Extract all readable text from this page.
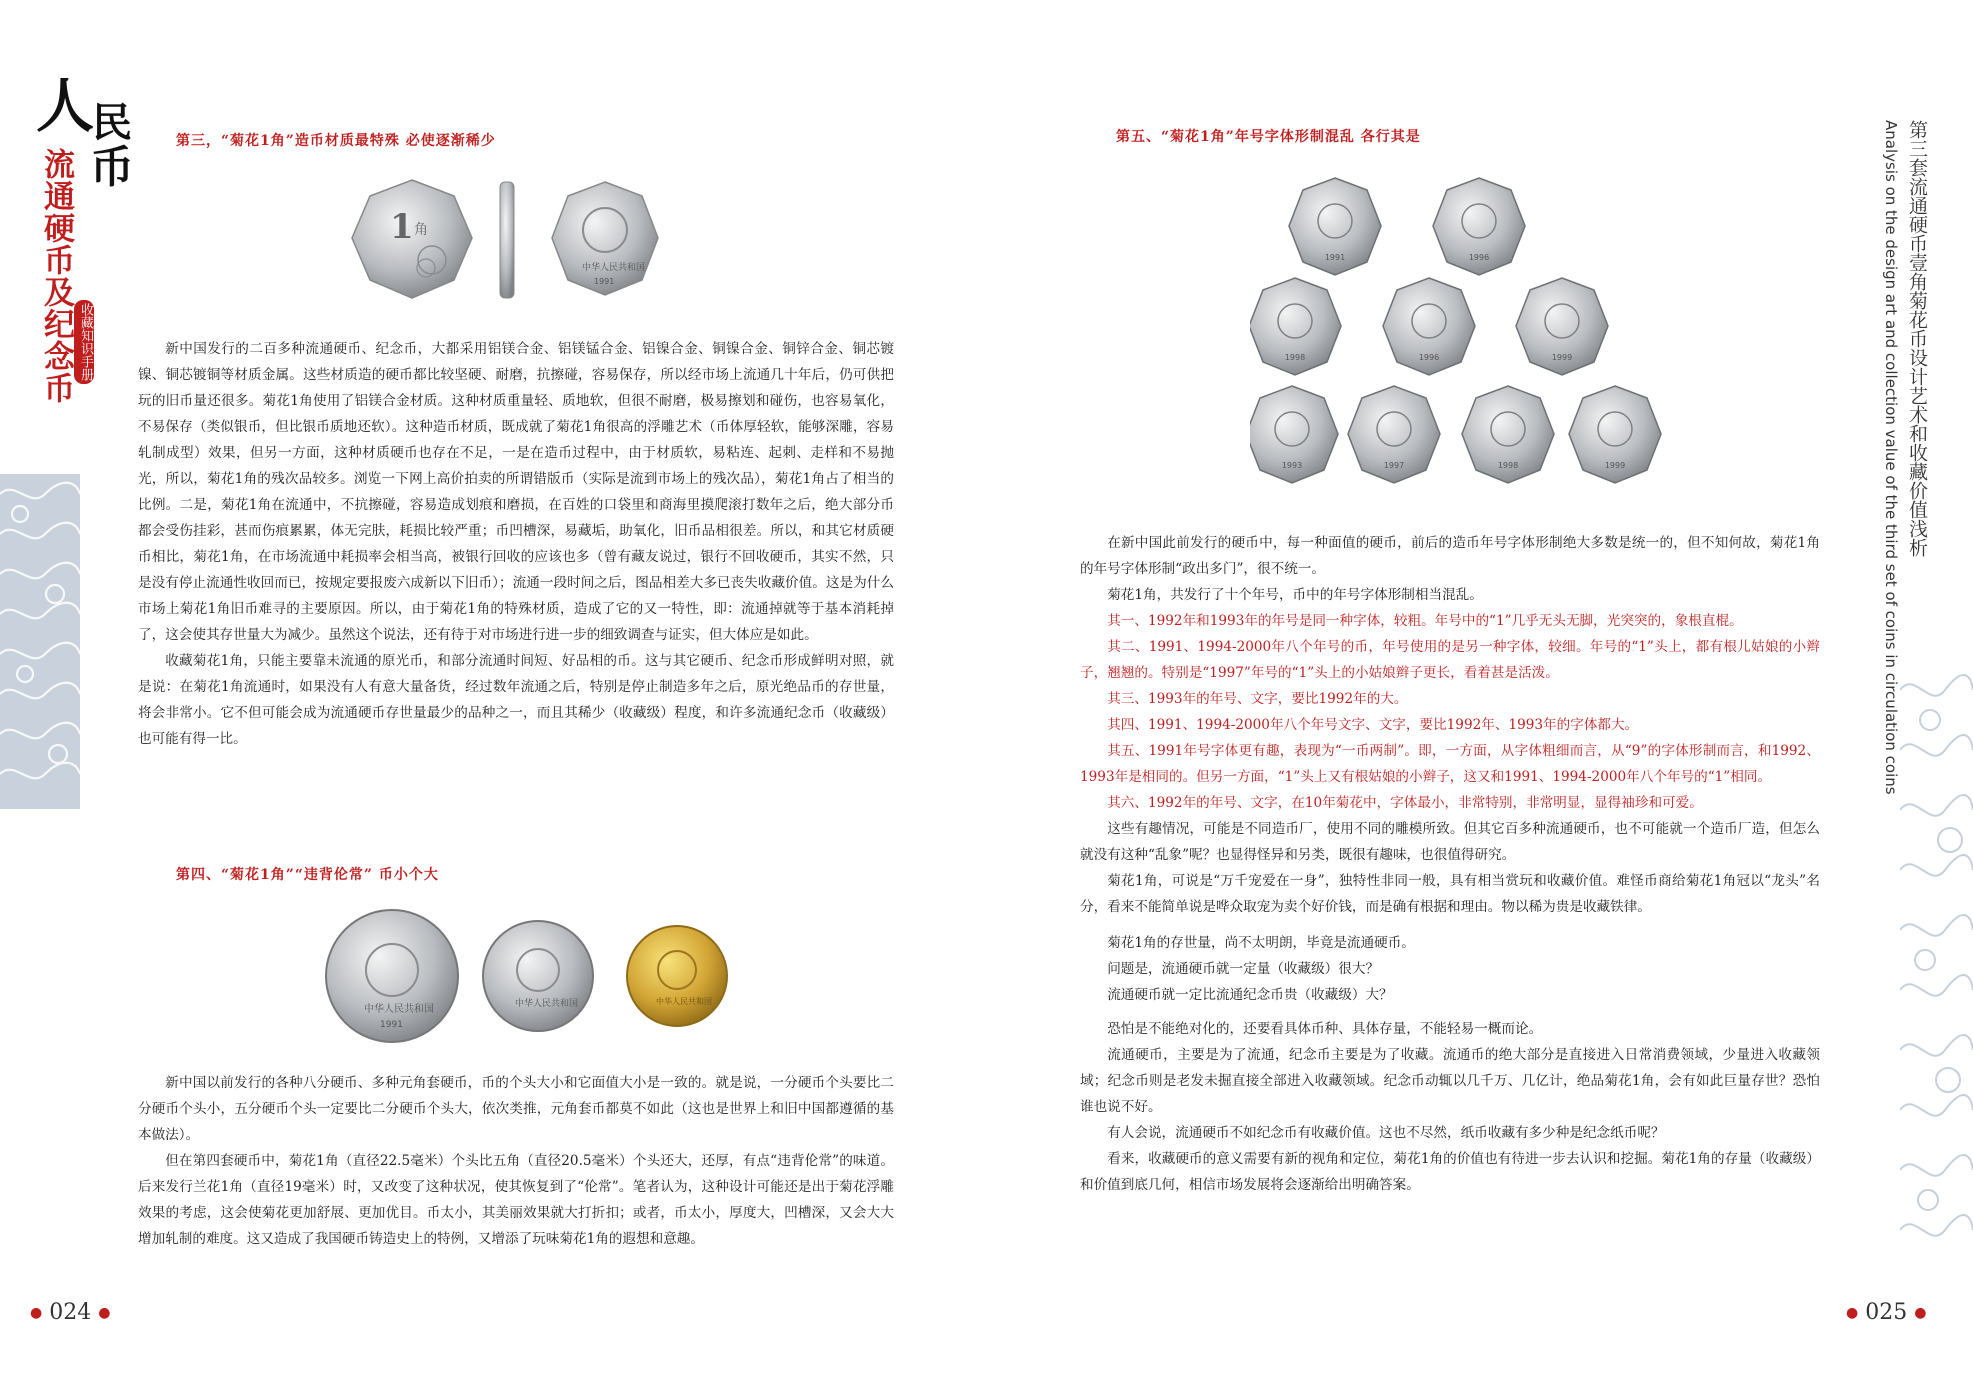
人
民
币
流通硬币及纪念币 收藏知识手册
第三，“菊花1角”造币材质最特殊 必使逐渐稀少
1 角
中华人民共和国
1991

新中国发行的二百多种流通硬币、纪念币，大都采用铝镁合金、铝镁锰合金、铝镍合金、铜镍合金、铜锌合金、铜芯镀镍、铜芯镀铜等材质金属。这些材质造的硬币都比较坚硬、耐磨，抗擦碰，容易保存，所以经市场上流通几十年后，仍可供把玩的旧币量还很多。菊花1角使用了铝镁合金材质。这种材质重量轻、质地软，但很不耐磨，极易擦划和碰伤，也容易氧化，不易保存（类似银币，但比银币质地还软）。这种造币材质，既成就了菊花1角很高的浮雕艺术（币体厚轻软，能够深雕，容易轧制成型）效果，但另一方面，这种材质硬币也存在不足，一是在造币过程中，由于材质软，易粘连、起刺、走样和不易抛光，所以，菊花1角的残次品较多。浏览一下网上高价拍卖的所谓错版币（实际是流到市场上的残次品），菊花1角占了相当的比例。二是，菊花1角在流通中，不抗擦碰，容易造成划痕和磨损，在百姓的口袋里和商海里摸爬滚打数年之后，绝大部分币都会受伤挂彩，甚而伤痕累累，体无完肤，耗损比较严重；币凹槽深，易藏垢，助氧化，旧币品相很差。所以，和其它材质硬币相比，菊花1角，在市场流通中耗损率会相当高，被银行回收的应该也多（曾有藏友说过，银行不回收硬币，其实不然，只是没有停止流通性收回而已，按规定要报废六成新以下旧币）；流通一段时间之后，图品相差大多已丧失收藏价值。这是为什么市场上菊花1角旧币难寻的主要原因。所以，由于菊花1角的特殊材质，造成了它的又一特性，即：流通掉就等于基本消耗掉了，这会使其存世量大为减少。虽然这个说法，还有待于对市场进行进一步的细致调查与证实，但大体应是如此。

收藏菊花1角，只能主要靠未流通的原光币，和部分流通时间短、好品相的币。这与其它硬币、纪念币形成鲜明对照，就是说：在菊花1角流通时，如果没有人有意大量备货，经过数年流通之后，特别是停止制造多年之后，原光绝品币的存世量，将会非常小。它不但可能会成为流通硬币存世量最少的品种之一，而且其稀少（收藏级）程度，和许多流通纪念币（收藏级）也可能有得一比。

第四、“菊花1角”“违背伦常” 币小个大
中华人民共和国
1991
中华人民共和国	中华人民共和国

新中国以前发行的各种八分硬币、多种元角套硬币，币的个头大小和它面值大小是一致的。就是说，一分硬币个头要比二分硬币个头小，五分硬币个头一定要比二分硬币个头大，依次类推，元角套币都莫不如此（这也是世界上和旧中国都遵循的基本做法）。

但在第四套硬币中，菊花1角（直径22.5毫米）个头比五角（直径20.5毫米）个头还大，还厚，有点“违背伦常”的味道。后来发行兰花1角（直径19毫米）时，又改变了这种状况，使其恢复到了“伦常”。笔者认为，这种设计可能还是出于菊花浮雕效果的考虑，这会使菊花更加舒展、更加优目。币太小，其美丽效果就大打折扣；或者，币太小，厚度大，凹槽深，又会大大增加轧制的难度。这又造成了我国硬币铸造史上的特例，又增添了玩味菊花1角的遐想和意趣。

● 024 ●
第五、“菊花1角”年号字体形制混乱 各行其是
1991	1996
1998	1996	1999
1993	1997	1998	1999

在新中国此前发行的硬币中，每一种面值的硬币，前后的造币年号字体形制绝大多数是统一的，但不知何故，菊花1角的年号字体形制“政出多门”，很不统一。

菊花1角，共发行了十个年号，币中的年号字体形制相当混乱。

其一、1992年和1993年的年号是同一种字体，较粗。年号中的“1”几乎无头无脚，光突突的，象根直棍。

其二、1991、1994-2000年八个年号的币，年号使用的是另一种字体，较细。年号的“1”头上，都有根儿姑娘的小辫子，翘翘的。特别是“1997”年号的“1”头上的小姑娘辫子更长，看着甚是活泼。

其三、1993年的年号、文字，要比1992年的大。

其四、1991、1994-2000年八个年号文字、文字，要比1992年、1993年的字体都大。

其五、1991年号字体更有趣，表现为“一币两制”。即，一方面，从字体粗细而言，从“9”的字体形制而言，和1992、1993年是相同的。但另一方面，“1”头上又有根姑娘的小辫子，这又和1991、1994-2000年八个年号的“1”相同。

其六、1992年的年号、文字，在10年菊花中，字体最小，非常特别，非常明显，显得袖珍和可爱。

这些有趣情况，可能是不同造币厂，使用不同的雕模所致。但其它百多种流通硬币，也不可能就一个造币厂造，但怎么就没有这种“乱象”呢？也显得怪异和另类，既很有趣味，也很值得研究。

菊花1角，可说是“万千宠爱在一身”，独特性非同一般，具有相当赏玩和收藏价值。难怪币商给菊花1角冠以“龙头”名分，看来不能简单说是哗众取宠为卖个好价钱，而是确有根据和理由。物以稀为贵是收藏铁律。

菊花1角的存世量，尚不太明朗，毕竟是流通硬币。

问题是，流通硬币就一定量（收藏级）很大？

流通硬币就一定比流通纪念币贵（收藏级）大？

恐怕是不能绝对化的，还要看具体币种、具体存量，不能轻易一概而论。

流通硬币，主要是为了流通，纪念币主要是为了收藏。流通币的绝大部分是直接进入日常消费领域，少量进入收藏领域；纪念币则是老发未掘直接全部进入收藏领域。纪念币动辄以几千万、几亿计，绝品菊花1角，会有如此巨量存世？恐怕谁也说不好。

有人会说，流通硬币不如纪念币有收藏价值。这也不尽然，纸币收藏有多少种是纪念纸币呢？

看来，收藏硬币的意义需要有新的视角和定位，菊花1角的价值也有待进一步去认识和挖掘。菊花1角的存量（收藏级）和价值到底几何，相信市场发展将会逐渐给出明确答案。

● 025 ●
第三套流通硬币壹角菊花币设计艺术和收藏价值浅析
Analysis on the design art and collection value of the third set of coins in circulation coins
